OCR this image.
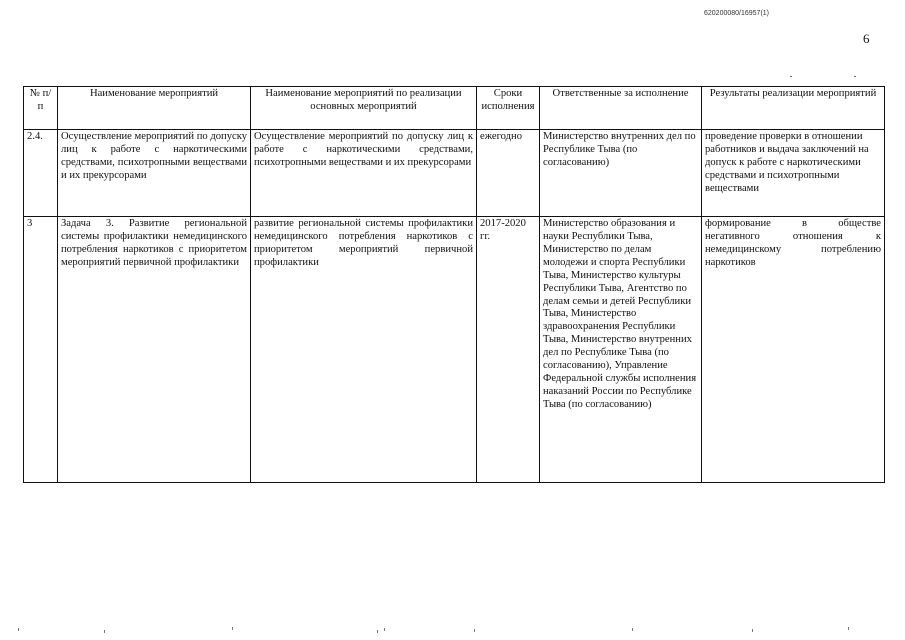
620200080/16957(1)
6
№ п/п	Наименование мероприятий	Наименование мероприятий по реализации основных мероприятий	Сроки исполнения	Ответственные за исполнение	Результаты реализации мероприятий
2.4.	Осуществление мероприятий по допуску лиц к работе с наркотическими средствами, психотропными веществами и их прекурсорами	Осуществление мероприятий по допуску лиц к работе с наркотическими средствами, психотропными веществами и их прекурсорами	ежегодно	Министерство внутренних дел по Республике Тыва (по согласованию)	проведение проверки в отношении работников и выдача заключений на допуск к работе с наркотическими средствами и психотропными веществами
3	Задача 3. Развитие региональной системы профилактики немедицинского потребления наркотиков с приоритетом мероприятий первичной профилактики	развитие региональной системы профилактики немедицинского потребления наркотиков с приоритетом мероприятий первичной профилактики	2017-2020 гг.	Министерство образования и науки Республики Тыва, Министерство по делам молодежи и спорта Республики Тыва, Министерство культуры Республики Тыва, Агентство по делам семьи и детей Республики Тыва, Министерство здравоохранения Республики Тыва, Министерство внутренних дел по Республике Тыва (по согласованию), Управление Федеральной службы исполнения наказаний России по Республике Тыва (по согласованию)	формирование в обществе негативного отношения к немедицинскому потреблению наркотиков
